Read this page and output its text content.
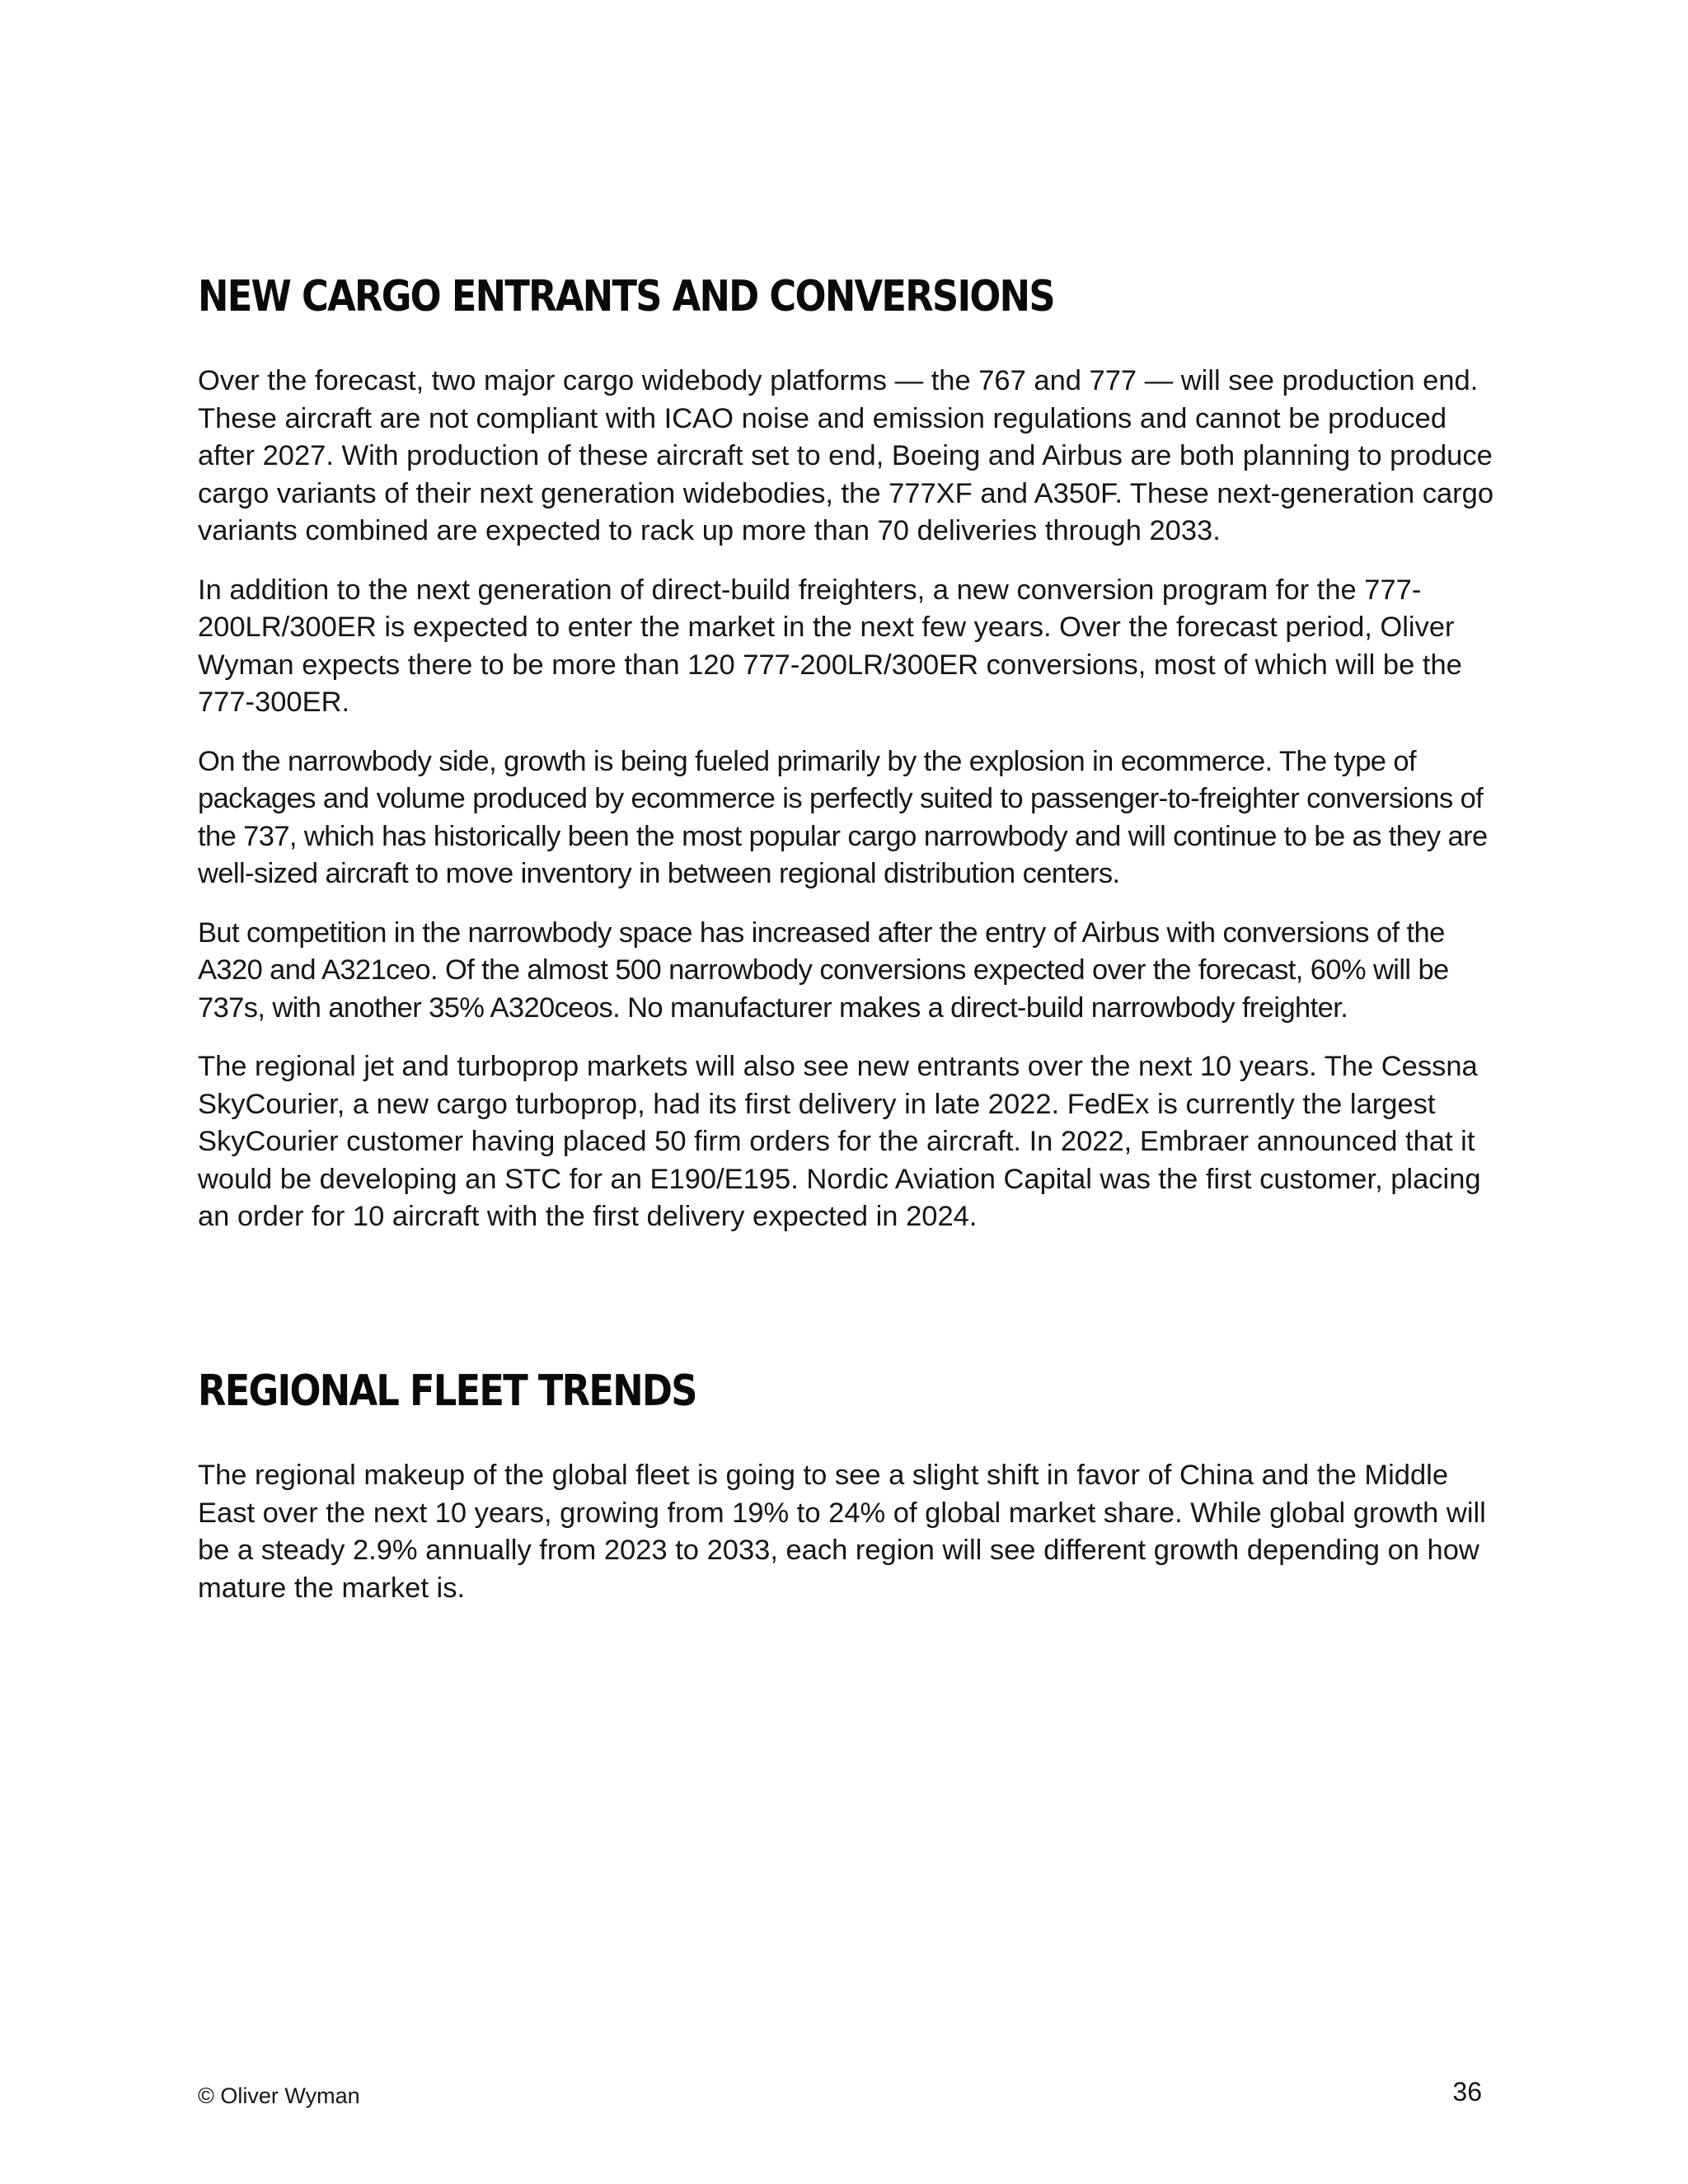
NEW CARGO ENTRANTS AND CONVERSIONS

Over the forecast, two major cargo widebody platforms — the 767 and 777 — will see production end. These aircraft are not compliant with ICAO noise and emission regulations and cannot be produced after 2027. With production of these aircraft set to end, Boeing and Airbus are both planning to produce cargo variants of their next generation widebodies, the 777XF and A350F. These next-generation cargo variants combined are expected to rack up more than 70 deliveries through 2033.

In addition to the next generation of direct-build freighters, a new conversion program for the 777-200LR/300ER is expected to enter the market in the next few years. Over the forecast period, Oliver Wyman expects there to be more than 120 777-200LR/300ER conversions, most of which will be the 777-300ER.

On the narrowbody side, growth is being fueled primarily by the explosion in ecommerce. The type of packages and volume produced by ecommerce is perfectly suited to passenger-to-freighter conversions of the 737, which has historically been the most popular cargo narrowbody and will continue to be as they are well-sized aircraft to move inventory in between regional distribution centers.

But competition in the narrowbody space has increased after the entry of Airbus with conversions of the A320 and A321ceo. Of the almost 500 narrowbody conversions expected over the forecast, 60% will be 737s, with another 35% A320ceos. No manufacturer makes a direct-build narrowbody freighter.

The regional jet and turboprop markets will also see new entrants over the next 10 years. The Cessna SkyCourier, a new cargo turboprop, had its first delivery in late 2022. FedEx is currently the largest SkyCourier customer having placed 50 firm orders for the aircraft. In 2022, Embraer announced that it would be developing an STC for an E190/E195. Nordic Aviation Capital was the first customer, placing an order for 10 aircraft with the first delivery expected in 2024.

REGIONAL FLEET TRENDS

The regional makeup of the global fleet is going to see a slight shift in favor of China and the Middle East over the next 10 years, growing from 19% to 24% of global market share. While global growth will be a steady 2.9% annually from 2023 to 2033, each region will see different growth depending on how mature the market is.

© Oliver Wyman	36
